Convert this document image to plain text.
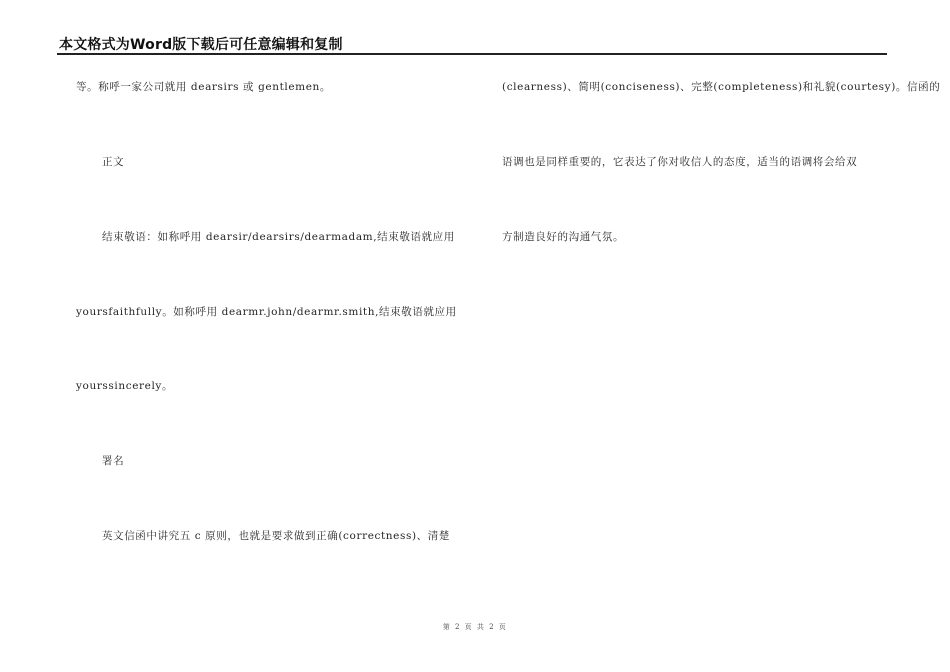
本文格式为Word版下载后可任意编辑和复制
等。称呼一家公司就用 dearsirs 或 gentlemen。
正文
结束敬语：如称呼用 dearsir/dearsirs/dearmadam,结束敬语就应用
yoursfaithfully。如称呼用 dearmr.john/dearmr.smith,结束敬语就应用
yourssincerely。
署名
英文信函中讲究五 c 原则，也就是要求做到正确(correctness)、清楚
(clearness)、简明(conciseness)、完整(completeness)和礼貌(courtesy)。信函的
语调也是同样重要的，它表达了你对收信人的态度，适当的语调将会给双
方制造良好的沟通气氛。
第 2 页 共 2 页
